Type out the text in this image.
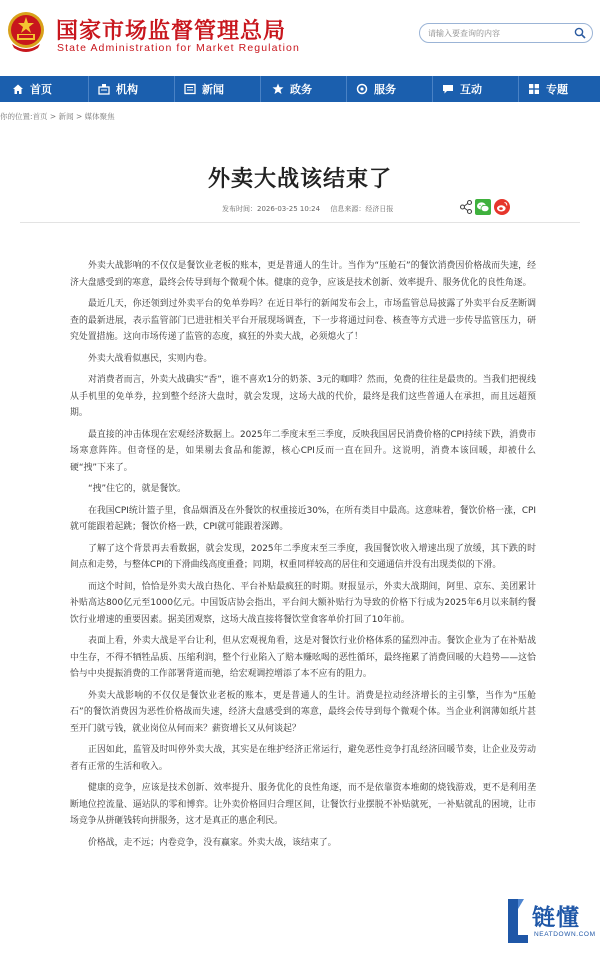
国家市场监督管理总局
State Administration for Market Regulation
请输入要查询的内容
首页	机构	新闻	政务	服务	互动	专题
你的位置:首页 > 新闻 > 媒体聚焦
外卖大战该结束了
发布时间：2026-03-25 10:24 信息来源：经济日报

外卖大战影响的不仅仅是餐饮业老板的账本，更是普通人的生计。当作为“压舱石”的餐饮消费因价格战而失速，经济大盘感受到的寒意，最终会传导到每个微观个体。健康的竞争，应该是技术创新、效率提升、服务优化的良性角逐。

最近几天，你还领到过外卖平台的免单券吗？在近日举行的新闻发布会上，市场监管总局披露了外卖平台反垄断调查的最新进展，表示监管部门已进驻相关平台开展现场调查，下一步将通过问卷、核查等方式进一步传导监管压力，研究处置措施。这向市场传递了监管的态度，疯狂的外卖大战，必须熄火了！

外卖大战看似惠民，实则内卷。

对消费者而言，外卖大战确实“香”，谁不喜欢1分的奶茶、3元的咖啡？然而，免费的往往是最贵的。当我们把视线从手机里的免单券，拉到整个经济大盘时，就会发现，这场大战的代价，最终是我们这些普通人在承担，而且远超预期。

最直接的冲击体现在宏观经济数据上。2025年二季度末至三季度，反映我国居民消费价格的CPI持续下跌，消费市场寒意阵阵。但奇怪的是，如果剔去食品和能源，核心CPI反而一直在回升。这说明，消费本该回暖，却被什么硬“拽”下来了。

“拽”住它的，就是餐饮。

在我国CPI统计篮子里，食品烟酒及在外餐饮的权重接近30%，在所有类目中最高。这意味着，餐饮价格一涨，CPI就可能跟着起跳；餐饮价格一跌，CPI就可能跟着深蹲。

了解了这个背景再去看数据，就会发现，2025年二季度末至三季度，我国餐饮收入增速出现了放缓，其下跌的时间点和走势，与整体CPI的下滑曲线高度重叠；同期，权重同样较高的居住和交通通信并没有出现类似的下滑。

而这个时间，恰恰是外卖大战白热化、平台补贴最疯狂的时期。财报显示，外卖大战期间，阿里、京东、美团累计补贴高达800亿元至1000亿元。中国饭店协会指出，平台间大额补贴行为导致的价格下行成为2025年6月以来制约餐饮行业增速的重要因素。据美团观察，这场大战直接将餐饮堂食客单价打回了10年前。

表面上看，外卖大战是平台让利，但从宏观视角看，这是对餐饮行业价格体系的猛烈冲击。餐饮企业为了在补贴战中生存，不得不牺牲品质、压缩利润，整个行业陷入了赔本赚吆喝的恶性循环，最终拖累了消费回暖的大趋势——这恰恰与中央提振消费的工作部署背道而驰，给宏观调控增添了本不应有的阻力。

外卖大战影响的不仅仅是餐饮业老板的账本，更是普通人的生计。消费是拉动经济增长的主引擎，当作为“压舱石”的餐饮消费因为恶性价格战而失速，经济大盘感受到的寒意，最终会传导到每个微观个体。当企业利润薄如纸片甚至开门就亏钱，就业岗位从何而来？薪资增长又从何谈起？

正因如此，监管及时叫停外卖大战，其实是在维护经济正常运行，避免恶性竞争打乱经济回暖节奏，让企业及劳动者有正常的生活和收入。

健康的竞争，应该是技术创新、效率提升、服务优化的良性角逐，而不是依靠资本堆砌的烧钱游戏，更不是利用垄断地位控流量、逼站队的零和博弈。让外卖价格回归合理区间，让餐饮行业摆脱不补贴就死，一补贴就乱的困境，让市场竞争从拼砸钱转向拼服务，这才是真正的惠企利民。

价格战，走不远；内卷竞争，没有赢家。外卖大战，该结束了。

链懂
NEATDOWN.COM
